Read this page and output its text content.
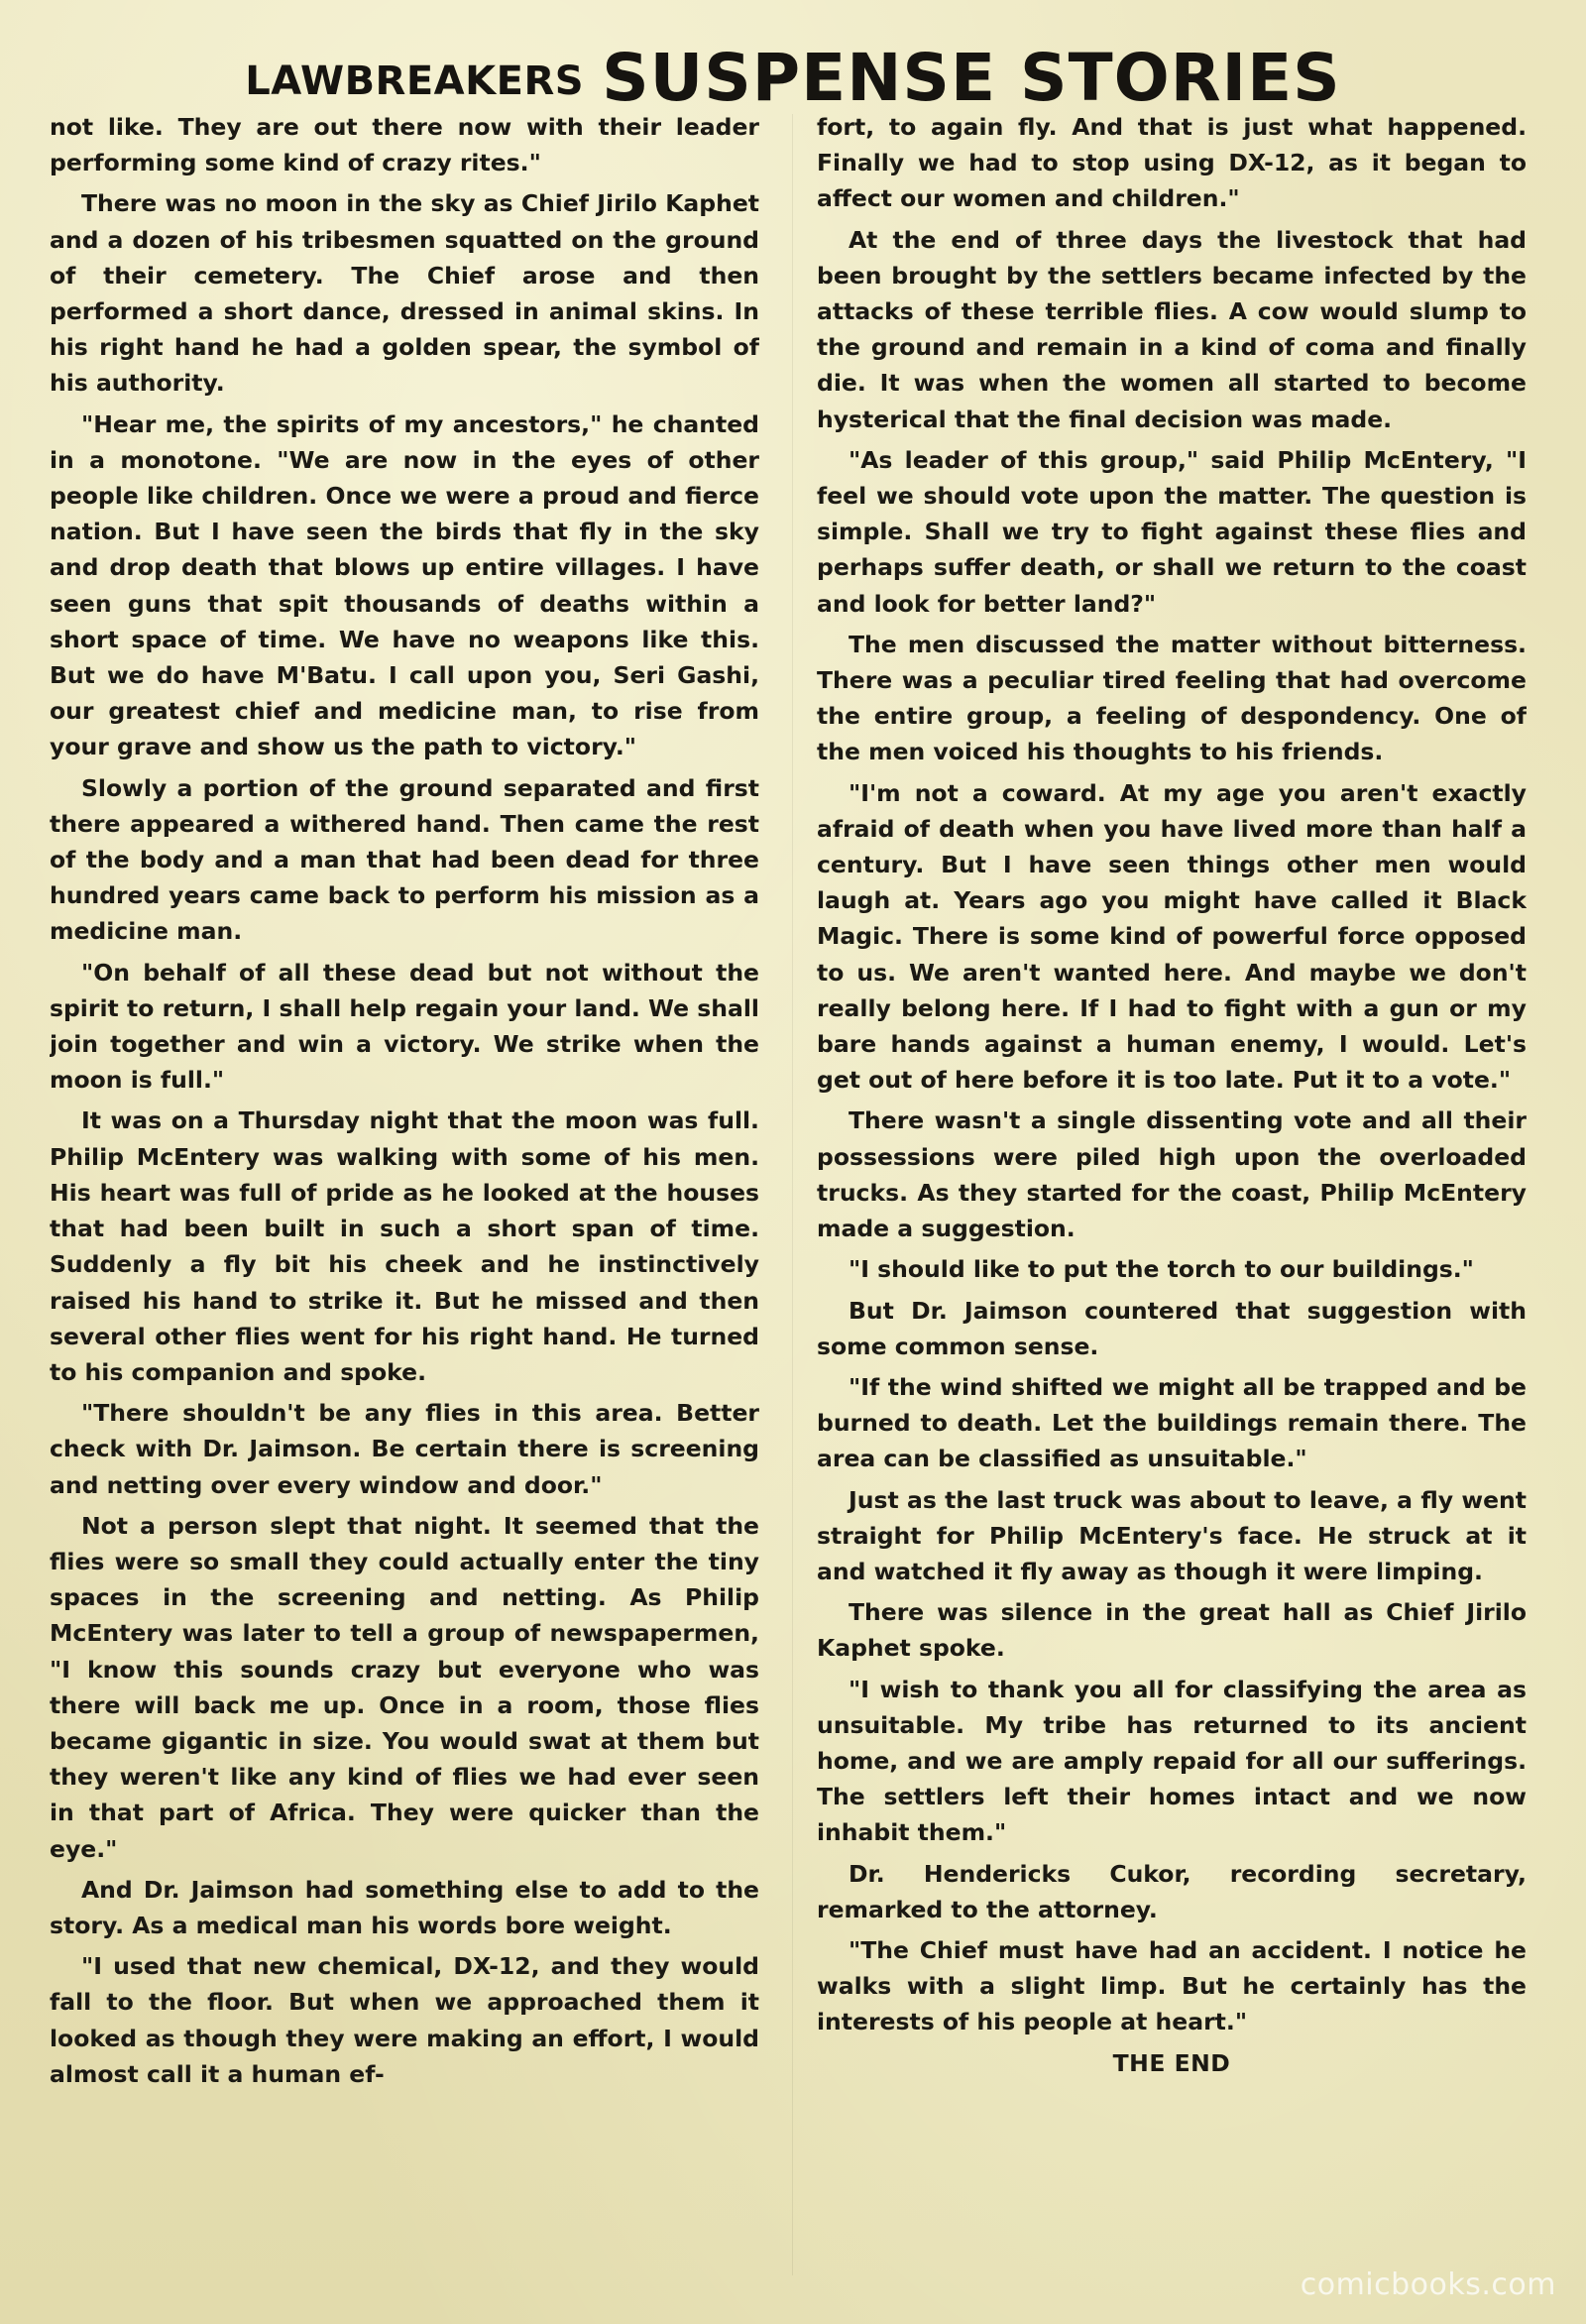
LAWBREAKERS SUSPENSE STORIES

not like. They are out there now with their leader performing some kind of crazy rites."

There was no moon in the sky as Chief Jirilo Kaphet and a dozen of his tribesmen squatted on the ground of their cemetery. The Chief arose and then performed a short dance, dressed in animal skins. In his right hand he had a golden spear, the symbol of his authority.

"Hear me, the spirits of my ancestors," he chanted in a monotone. "We are now in the eyes of other people like children. Once we were a proud and fierce nation. But I have seen the birds that fly in the sky and drop death that blows up entire villages. I have seen guns that spit thousands of deaths within a short space of time. We have no weapons like this. But we do have M'Batu. I call upon you, Seri Gashi, our greatest chief and medicine man, to rise from your grave and show us the path to victory."

Slowly a portion of the ground separated and first there appeared a withered hand. Then came the rest of the body and a man that had been dead for three hundred years came back to perform his mission as a medicine man.

"On behalf of all these dead but not without the spirit to return, I shall help regain your land. We shall join together and win a victory. We strike when the moon is full."

It was on a Thursday night that the moon was full. Philip McEntery was walking with some of his men. His heart was full of pride as he looked at the houses that had been built in such a short span of time. Suddenly a fly bit his cheek and he instinctively raised his hand to strike it. But he missed and then several other flies went for his right hand. He turned to his companion and spoke.

"There shouldn't be any flies in this area. Better check with Dr. Jaimson. Be certain there is screening and netting over every window and door."

Not a person slept that night. It seemed that the flies were so small they could actually enter the tiny spaces in the screening and netting. As Philip McEntery was later to tell a group of newspapermen, "I know this sounds crazy but everyone who was there will back me up. Once in a room, those flies became gigantic in size. You would swat at them but they weren't like any kind of flies we had ever seen in that part of Africa. They were quicker than the eye."

And Dr. Jaimson had something else to add to the story. As a medical man his words bore weight.

"I used that new chemical, DX-12, and they would fall to the floor. But when we approached them it looked as though they were making an effort, I would almost call it a human ef-

fort, to again fly. And that is just what happened. Finally we had to stop using DX-12, as it began to affect our women and children."

At the end of three days the livestock that had been brought by the settlers became infected by the attacks of these terrible flies. A cow would slump to the ground and remain in a kind of coma and finally die. It was when the women all started to become hysterical that the final decision was made.

"As leader of this group," said Philip McEntery, "I feel we should vote upon the matter. The question is simple. Shall we try to fight against these flies and perhaps suffer death, or shall we return to the coast and look for better land?"

The men discussed the matter without bitterness. There was a peculiar tired feeling that had overcome the entire group, a feeling of despondency. One of the men voiced his thoughts to his friends.

"I'm not a coward. At my age you aren't exactly afraid of death when you have lived more than half a century. But I have seen things other men would laugh at. Years ago you might have called it Black Magic. There is some kind of powerful force opposed to us. We aren't wanted here. And maybe we don't really belong here. If I had to fight with a gun or my bare hands against a human enemy, I would. Let's get out of here before it is too late. Put it to a vote."

There wasn't a single dissenting vote and all their possessions were piled high upon the overloaded trucks. As they started for the coast, Philip McEntery made a suggestion.

"I should like to put the torch to our buildings."

But Dr. Jaimson countered that suggestion with some common sense.

"If the wind shifted we might all be trapped and be burned to death. Let the buildings remain there. The area can be classified as unsuitable."

Just as the last truck was about to leave, a fly went straight for Philip McEntery's face. He struck at it and watched it fly away as though it were limping.

There was silence in the great hall as Chief Jirilo Kaphet spoke.

"I wish to thank you all for classifying the area as unsuitable. My tribe has returned to its ancient home, and we are amply repaid for all our sufferings. The settlers left their homes intact and we now inhabit them."

Dr. Hendericks Cukor, recording secretary, remarked to the attorney.

"The Chief must have had an accident. I notice he walks with a slight limp. But he certainly has the interests of his people at heart."

THE END

comicbooks.com
